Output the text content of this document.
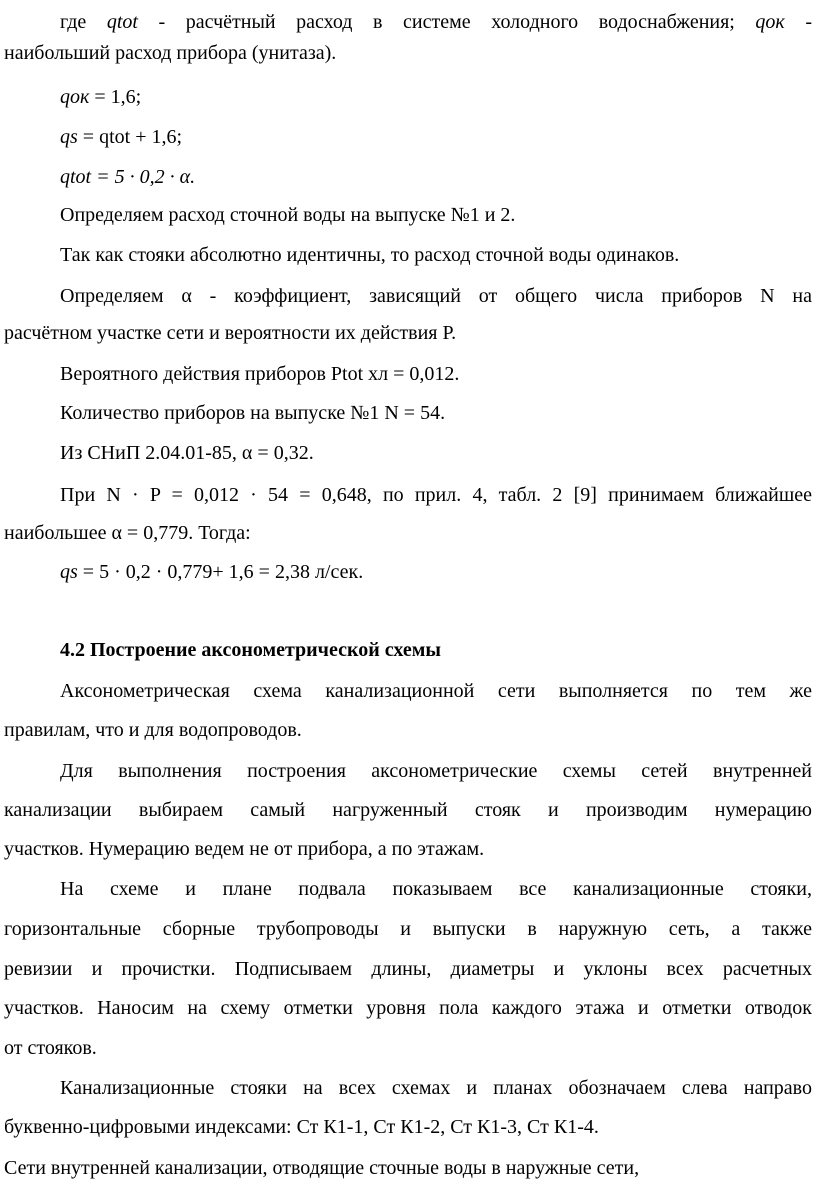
где qtot - расчётный расход в системе холодного водоснабжения; qок -
наибольший расход прибора (унитаза).
qок = 1,6;
qs = qtot + 1,6;
qtot = 5 · 0,2 · α.
Определяем расход сточной воды на выпуске №1 и 2.
Так как стояки абсолютно идентичны, то расход сточной воды одинаков.
Определяем α - коэффициент, зависящий от общего числа приборов N на
расчётном участке сети и вероятности их действия Р.
Вероятного действия приборов Ptot хл = 0,012.
Количество приборов на выпуске №1 N = 54.
Из СНиП 2.04.01-85, α = 0,32.
При N · P = 0,012 · 54 = 0,648, по прил. 4, табл. 2 [9] принимаем ближайшее
наибольшее α = 0,779. Тогда:
qs = 5 · 0,2 · 0,779+ 1,6 = 2,38 л/сек.
4.2 Построение аксонометрической схемы
Аксонометрическая схема канализационной сети выполняется по тем же
правилам, что и для водопроводов.
Для выполнения построения аксонометрические схемы сетей внутренней
канализации выбираем самый нагруженный стояк и производим нумерацию
участков. Нумерацию ведем не от прибора, а по этажам.
На схеме и плане подвала показываем все канализационные стояки,
горизонтальные сборные трубопроводы и выпуски в наружную сеть, а также
ревизии и прочистки. Подписываем длины, диаметры и уклоны всех расчетных
участков. Наносим на схему отметки уровня пола каждого этажа и отметки отводок
от стояков.
Канализационные стояки на всех схемах и планах обозначаем слева направо
буквенно-цифровыми индексами: Ст К1-1, Ст К1-2, Ст К1-3, Ст К1-4.
Сети внутренней канализации, отводящие сточные воды в наружные сети,
